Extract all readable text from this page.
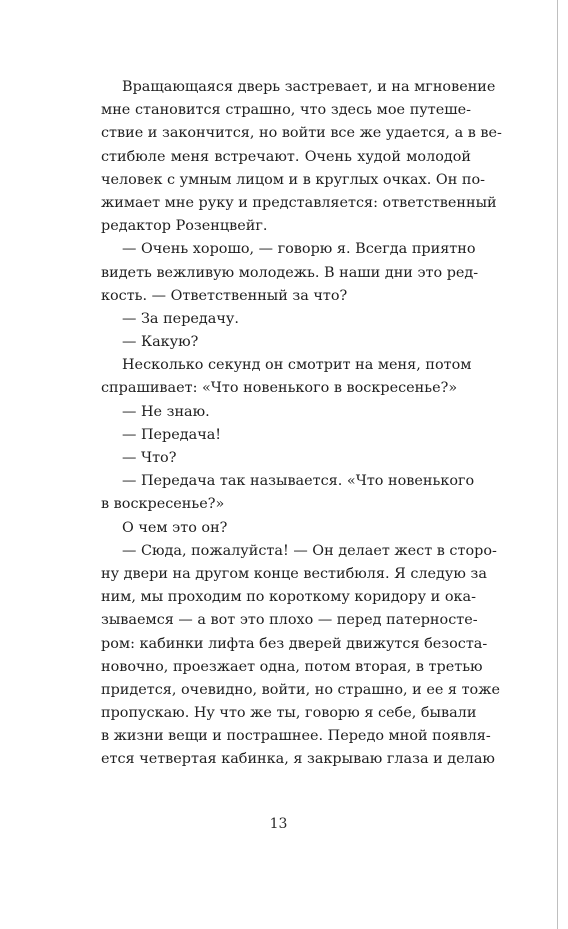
Вращающаяся дверь застревает, и на мгновение
мне становится страшно, что здесь мое путеше-
ствие и закончится, но войти все же удается, а в ве-
стибюле меня встречают. Очень худой молодой
человек с умным лицом и в круглых очках. Он по-
жимает мне руку и представляется: ответственный
редактор Розенцвейг.
— Очень хорошо, — говорю я. Всегда приятно
видеть вежливую молодежь. В наши дни это ред-
кость. — Ответственный за что?
— За передачу.
— Какую?
Несколько секунд он смотрит на меня, потом
спрашивает: «Что новенького в воскресенье?»
— Не знаю.
— Передача!
— Что?
— Передача так называется. «Что новенького
в воскресенье?»
О чем это он?
— Сюда, пожалуйста! — Он делает жест в сторо-
ну двери на другом конце вестибюля. Я следую за
ним, мы проходим по короткому коридору и ока-
зываемся — а вот это плохо — перед патерносте-
ром: кабинки лифта без дверей движутся безоста-
новочно, проезжает одна, потом вторая, в третью
придется, очевидно, войти, но страшно, и ее я тоже
пропускаю. Ну что же ты, говорю я себе, бывали
в жизни вещи и пострашнее. Передо мной появля-
ется четвертая кабинка, я закрываю глаза и делаю
13
